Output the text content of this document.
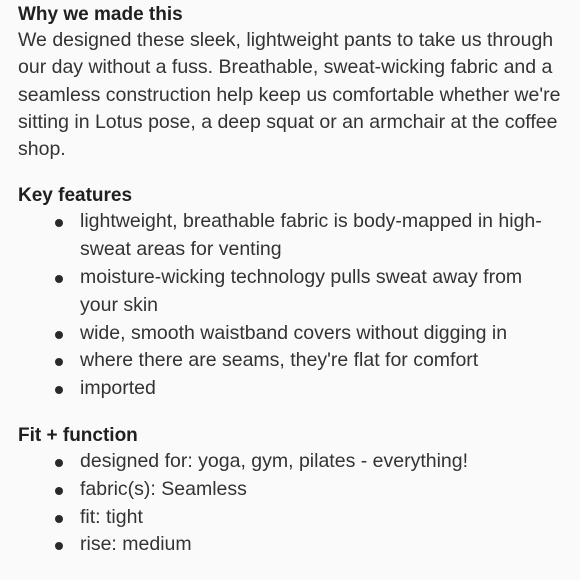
Why we made this

We designed these sleek, lightweight pants to take us through our day without a fuss. Breathable, sweat-wicking fabric and a seamless construction help keep us comfortable whether we're sitting in Lotus pose, a deep squat or an armchair at the coffee shop.

Key features
lightweight, breathable fabric is body-mapped in high-sweat areas for venting
moisture-wicking technology pulls sweat away from your skin
wide, smooth waistband covers without digging in
where there are seams, they're flat for comfort
imported
Fit + function
designed for: yoga, gym, pilates - everything!
fabric(s): Seamless
fit: tight
rise: medium
